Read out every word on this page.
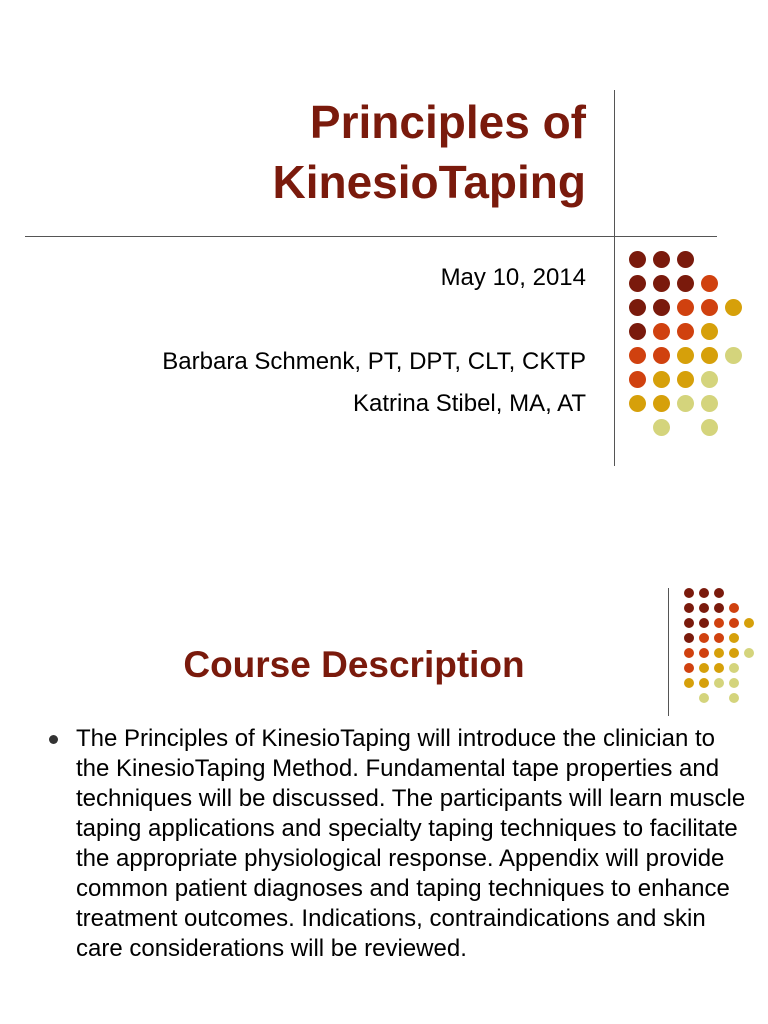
Principles of
KinesioTaping

May 10, 2014

Barbara Schmenk, PT, DPT, CLT, CKTP

Katrina Stibel, MA, AT

Course Description
The Principles of KinesioTaping will introduce the clinician to the KinesioTaping Method. Fundamental tape properties and techniques will be discussed. The participants will learn muscle taping applications and specialty taping techniques to facilitate the appropriate physiological response. Appendix will provide common patient diagnoses and taping techniques to enhance treatment outcomes. Indications, contraindications and skin care considerations will be reviewed.
